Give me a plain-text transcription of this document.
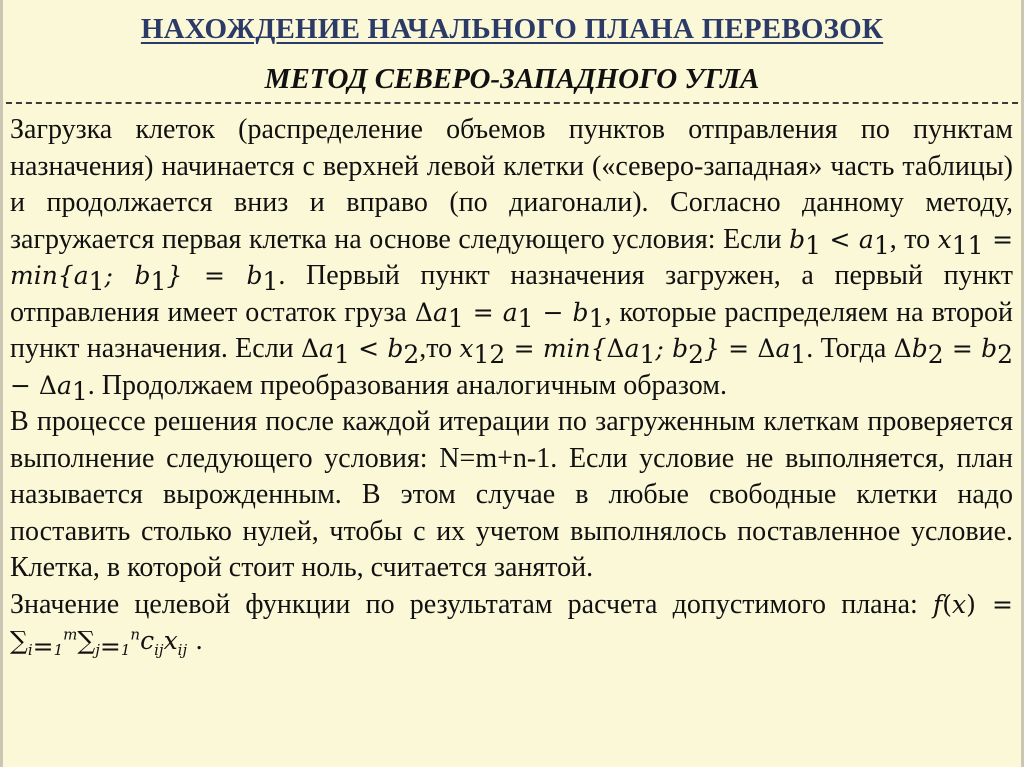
НАХОЖДЕНИЕ НАЧАЛЬНОГО ПЛАНА ПЕРЕВОЗОК
МЕТОД СЕВЕРО-ЗАПАДНОГО УГЛА

Загрузка клеток (распределение объемов пунктов отправления по пунктам назначения) начинается с верхней левой клетки («северо-западная» часть таблицы) и продолжается вниз и вправо (по диагонали). Согласно данному методу, загружается первая клетка на основе следующего условия: Если $b_1 < a_1$, то $x_{11} = \min\{a_1$; $b_1\} = b_1$. Первый пункт назначения загружен, а первый пункт отправления имеет остаток груза $\Delta a_1 = a_1 - b_1$, которые распределяем на второй пункт назначения. Если $\Delta a_1 < b_2,то$ $x_{12} = \min\{\Delta a_1$; $b_2\} = \Delta a_1$. Тогда $\Delta b_2 = b_2 - \Delta a_1$. Продолжаем преобразования аналогичным образом.

В процессе решения после каждой итерации по загруженным клеткам проверяется выполнение следующего условия: N=m+n-1. Если условие не выполняется, план называется вырожденным. В этом случае в любые свободные клетки надо поставить столько нулей, чтобы с их учетом выполнялось поставленное условие. Клетка, в которой стоит ноль, считается занятой.

Значение целевой функции по результатам расчета допустимого плана: $f(x) = \sum_{i=1}^m\sum_{j=1}^nc_{ij}x_{ij}$ .
